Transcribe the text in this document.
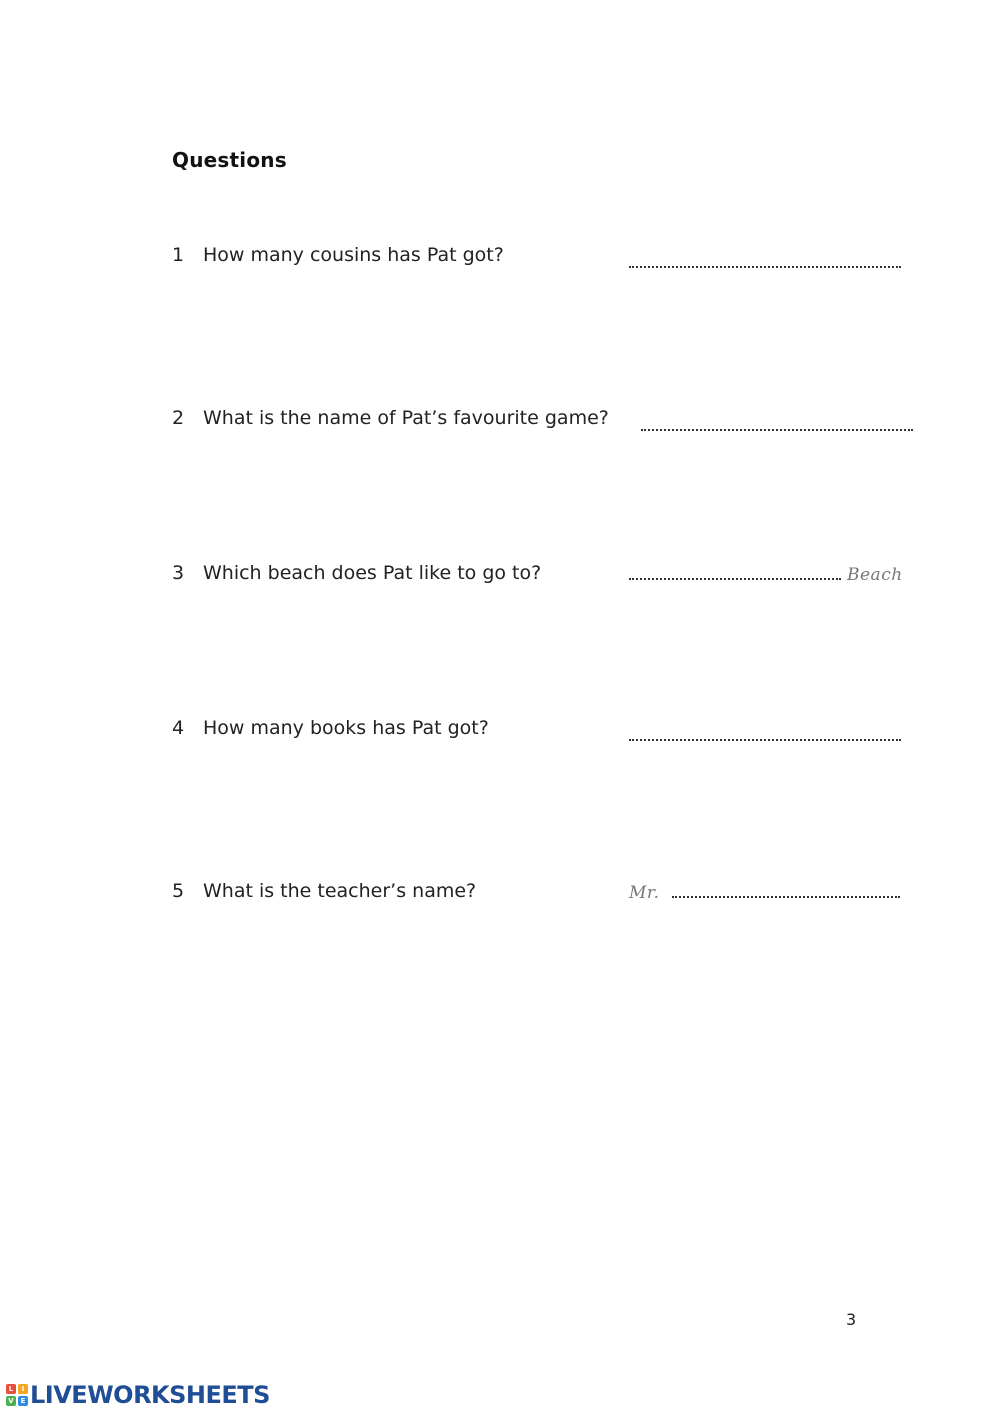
Questions
1 How many cousins has Pat got?
2 What is the name of Pat’s favourite game?
3 Which beach does Pat like to go to?	Beach
4 How many books has Pat got?
5 What is the teacher’s name?	Mr.
3
L	I
V E LIVEWORKSHEETS
